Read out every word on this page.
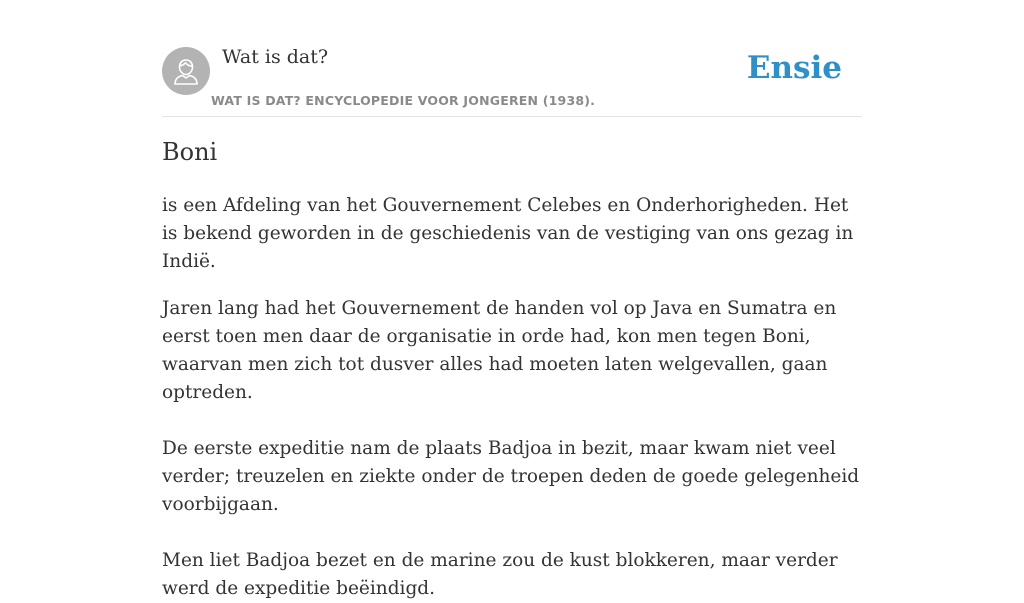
Wat is dat?
WAT IS DAT? ENCYCLOPEDIE VOOR JONGEREN (1938).
Ensie
Boni

is een Afdeling van het Gouvernement Celebes en Onderhorigheden. Het is bekend geworden in de geschiedenis van de vestiging van ons gezag in Indië.

Jaren lang had het Gouvernement de handen vol op Java en Sumatra en eerst toen men daar de organisatie in orde had, kon men tegen Boni, waarvan men zich tot dusver alles had moeten laten welgevallen, gaan optreden.

De eerste expeditie nam de plaats Badjoa in bezit, maar kwam niet veel verder; treuzelen en ziekte onder de troepen deden de goede gelegenheid voorbijgaan.

Men liet Badjoa bezet en de marine zou de kust blokkeren, maar verder werd de expeditie beëindigd.
